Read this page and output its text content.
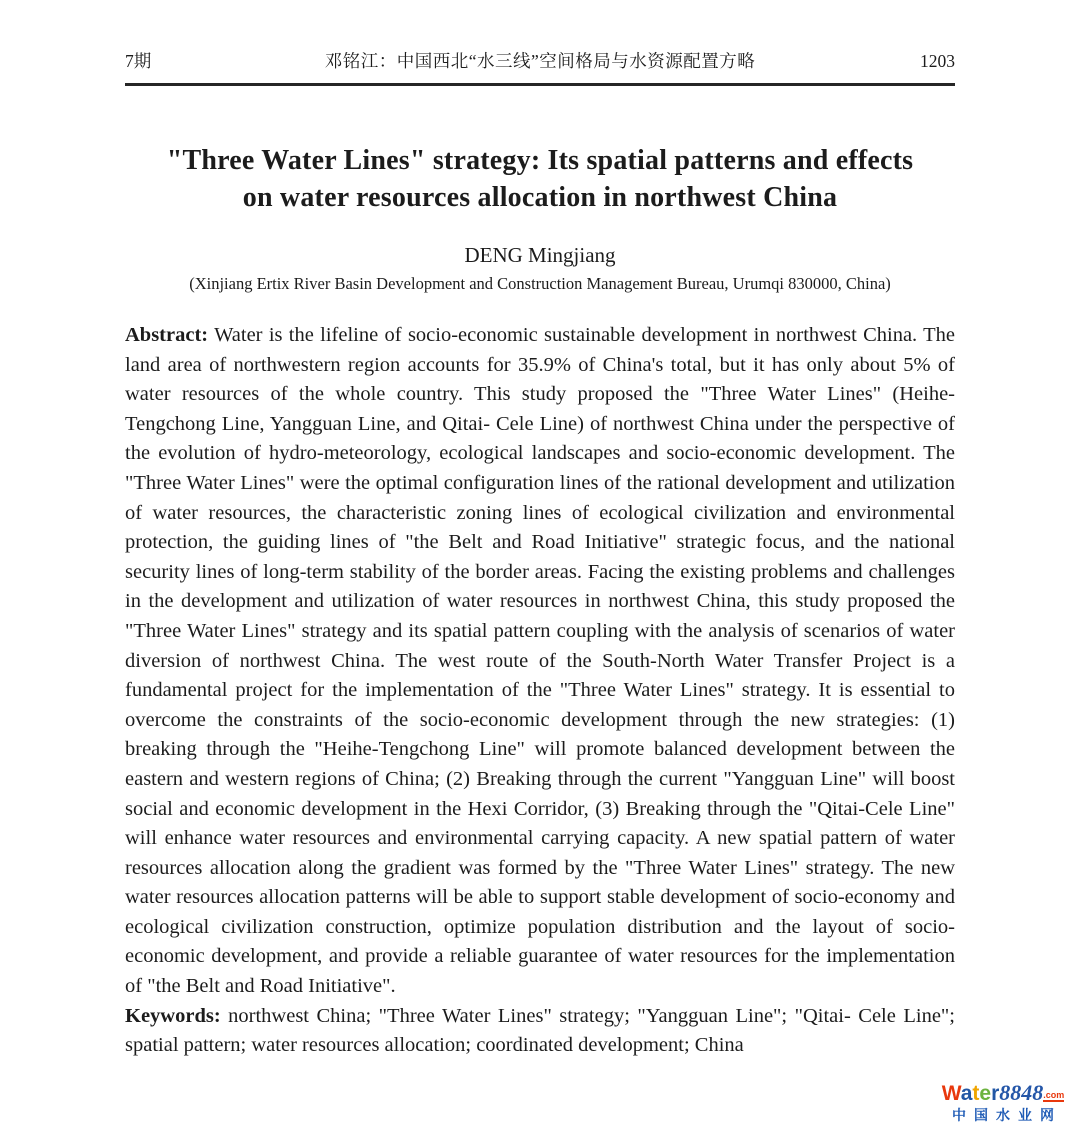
7期	邓铭江：中国西北“水三线”空间格局与水资源配置方略	1203
"Three Water Lines" strategy: Its spatial patterns and effects
on water resources allocation in northwest China
DENG Mingjiang
(Xinjiang Ertix River Basin Development and Construction Management Bureau, Urumqi 830000, China)

Abstract: Water is the lifeline of socio-economic sustainable development in northwest China. The land area of northwestern region accounts for 35.9% of China's total, but it has only about 5% of water resources of the whole country. This study proposed the "Three Water Lines" (Heihe- Tengchong Line, Yangguan Line, and Qitai- Cele Line) of northwest China under the perspective of the evolution of hydro-meteorology, ecological landscapes and socio-economic development. The "Three Water Lines" were the optimal configuration lines of the rational development and utilization of water resources, the characteristic zoning lines of ecological civilization and environmental protection, the guiding lines of "the Belt and Road Initiative" strategic focus, and the national security lines of long-term stability of the border areas. Facing the existing problems and challenges in the development and utilization of water resources in northwest China, this study proposed the "Three Water Lines" strategy and its spatial pattern coupling with the analysis of scenarios of water diversion of northwest China. The west route of the South-North Water Transfer Project is a fundamental project for the implementation of the "Three Water Lines" strategy. It is essential to overcome the constraints of the socio-economic development through the new strategies: (1) breaking through the "Heihe-Tengchong Line" will promote balanced development between the eastern and western regions of China; (2) Breaking through the current "Yangguan Line" will boost social and economic development in the Hexi Corridor, (3) Breaking through the "Qitai-Cele Line" will enhance water resources and environmental carrying capacity. A new spatial pattern of water resources allocation along the gradient was formed by the "Three Water Lines" strategy. The new water resources allocation patterns will be able to support stable development of socio-economy and ecological civilization construction, optimize population distribution and the layout of socio-economic development, and provide a reliable guarantee of water resources for the implementation of "the Belt and Road Initiative".

Keywords: northwest China; "Three Water Lines" strategy; "Yangguan Line"; "Qitai- Cele Line"; spatial pattern; water resources allocation; coordinated development; China

Water8848.com
中国水业网
